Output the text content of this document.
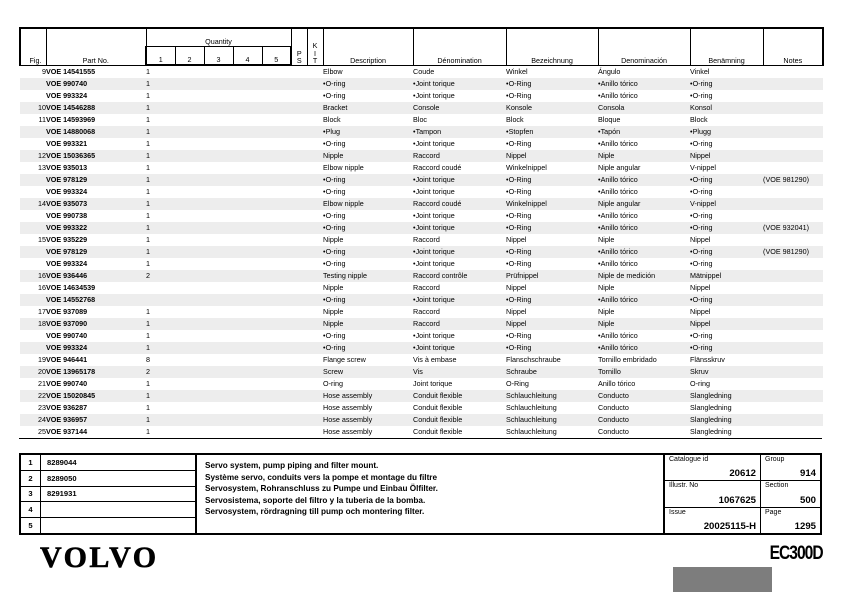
Fig.	Part No.	Quantity					P
S	K
I
T	Description	Dénomination	Bezeichnung	Denominación	Benämning	Notes
		1	2	3	4	5								
9	VOE 14541555	1							Elbow	Coude	Winkel	Ángulo	Vinkel	
	VOE 990740	1							•O-ring	•Joint torique	•O-Ring	•Anillo tórico	•O-ring	
	VOE 993324	1							•O-ring	•Joint torique	•O-Ring	•Anillo tórico	•O-ring	
10	VOE 14546288	1							Bracket	Console	Konsole	Consola	Konsol	
11	VOE 14593969	1							Block	Bloc	Block	Bloque	Block	
	VOE 14880068	1							•Plug	•Tampon	•Stopfen	•Tapón	•Plugg	
	VOE 993321	1							•O-ring	•Joint torique	•O-Ring	•Anillo tórico	•O-ring	
12	VOE 15036365	1							Nipple	Raccord	Nippel	Niple	Nippel	
13	VOE 935013	1							Elbow nipple	Raccord coudé	Winkelnippel	Niple angular	V-nippel	
	VOE 978129	1							•O-ring	•Joint torique	•O-Ring	•Anillo tórico	•O-ring	(VOE 981290)
	VOE 993324	1							•O-ring	•Joint torique	•O-Ring	•Anillo tórico	•O-ring	
14	VOE 935073	1							Elbow nipple	Raccord coudé	Winkelnippel	Niple angular	V-nippel	
	VOE 990738	1							•O-ring	•Joint torique	•O-Ring	•Anillo tórico	•O-ring	
	VOE 993322	1							•O-ring	•Joint torique	•O-Ring	•Anillo tórico	•O-ring	(VOE 932041)
15	VOE 935229	1							Nipple	Raccord	Nippel	Niple	Nippel	
	VOE 978129	1							•O-ring	•Joint torique	•O-Ring	•Anillo tórico	•O-ring	(VOE 981290)
	VOE 993324	1							•O-ring	•Joint torique	•O-Ring	•Anillo tórico	•O-ring	
16	VOE 936446	2							Testing nipple	Raccord contrôle	Prüfnippel	Niple de medición	Mätnippel	
16	VOE 14634539								Nipple	Raccord	Nippel	Niple	Nippel	
	VOE 14552768								•O-ring	•Joint torique	•O-Ring	•Anillo tórico	•O-ring	
17	VOE 937089	1							Nipple	Raccord	Nippel	Niple	Nippel	
18	VOE 937090	1							Nipple	Raccord	Nippel	Niple	Nippel	
	VOE 990740	1							•O-ring	•Joint torique	•O-Ring	•Anillo tórico	•O-ring	
	VOE 993324	1							•O-ring	•Joint torique	•O-Ring	•Anillo tórico	•O-ring	
19	VOE 946441	8							Flange screw	Vis à embase	Flanschschraube	Tornillo embridado	Flänsskruv	
20	VOE 13965178	2							Screw	Vis	Schraube	Tornillo	Skruv	
21	VOE 990740	1							O-ring	Joint torique	O-Ring	Anillo tórico	O-ring	
22	VOE 15020845	1							Hose assembly	Conduit flexible	Schlauchleitung	Conducto	Slangledning	
23	VOE 936287	1							Hose assembly	Conduit flexible	Schlauchleitung	Conducto	Slangledning	
24	VOE 936957	1							Hose assembly	Conduit flexible	Schlauchleitung	Conducto	Slangledning	
25	VOE 937144	1							Hose assembly	Conduit flexible	Schlauchleitung	Conducto	Slangledning	
1	8289044
2	8289050
3	8291931
4
5
Servo system, pump piping and filter mount.
Système servo, conduits vers la pompe et montage du filtre
Servosystem, Rohranschluss zu Pumpe und Einbau Ölfilter.
Servosistema, soporte del filtro y la tuberia de la bomba.
Servosystem, rördragning till pump och montering filter.
Catalogue id
20612
Group
914
Illustr. No
1067625
Section
500
Issue
20025115-H
Page
1295
VOLVO	EC300D
